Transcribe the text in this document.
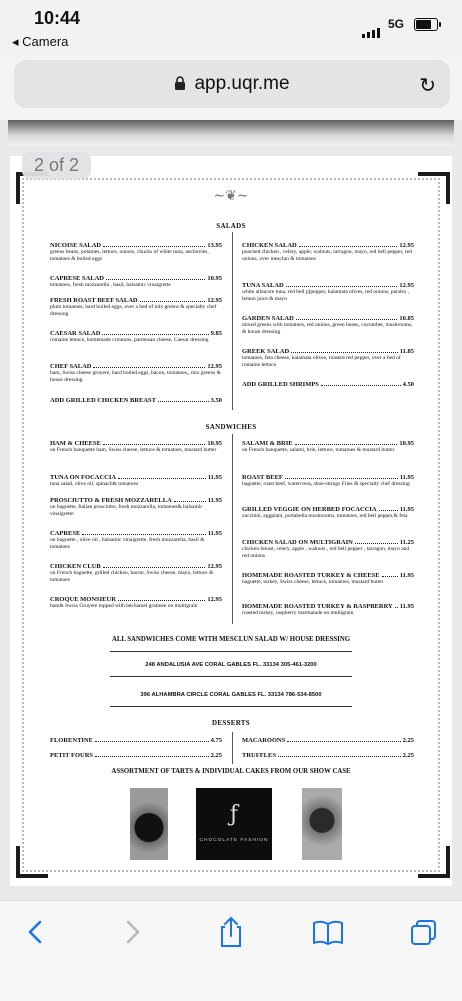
10:44
◂ Camera
5G
app.uqr.me	↻
∼❦∼
2 of 2
SALADS
NICOISE SALAD	13.95
greens beans, potatoes, lettuce, onions, chucks of white tuna, anchovies, tomatoes & boiled eggs
CAPRESE SALAD	10.95
tomatoes, fresh mozzarella , basil, balsamic vinaigrette
FRESH ROAST BEEF SALAD	12.95
plum tomatoes, hard boiled eggs, over a bed of mix greens & specialty chef dressing
CAESAR SALAD	9.85
romaine lettuce, homemade croutons, parmesan cheese, Caesar dressing
CHEF SALAD	12.95
ham, Swiss cheese gruyere, hard boiled eggs, bacon, tomatoes,, mix greens & house dressing
ADD GRILLED CHICKEN BREAST	3.50
CHICKEN SALAD	12.95
poached chicken , celery, apple, walnuts, tarragon, mayo, red bell pepper, red onions, over mesclun & tomatoes
TUNA SALAD	12.95
white albacore tuna, red bell p[pepper, kalamata olives, red onions, parsley , lemon juice & mayo
GARDEN SALAD	10.85
mixed greens with tomatoes, red onions, green beans, cucumber, mushrooms, & house dressing
GREEK SALAD	11.85
tomatoes, feta cheese, kalamata olives, roasted red pepper, over a bed of romaine lettuce
ADD GRILLED SHRIMPS	4.50
SANDWICHES
HAM & CHEESE	10.95
on French banquette ham, Swiss cheese, lettuce & tomatoes, mustard butter
TUNA ON FOCACCIA	11.95
tuna salad, olive oil, spinach& tomatoes
PROSCIUTTO & FRESH MOZZARELLA	11.95
on baguette, Italian prosciutto, fresh mozzarella, tomatoes& balsamic vinaigrette
CAPRESE	11.95
on baguette , olive oil , balsamic vinaigrette, fresh mozzarella, basil & tomatoes
CHICKEN CLUB	12.95
on French baguette, grilled chicken, bacon, Swiss cheese, mayo, lettuce & tomatoes
CROQUE MONSIEUR	12.95
ham& Swiss Gruyere topped with béchamel gratinee on multigrain
SALAMI & BRIE	10.95
on French banquette, salami, brie, lettuce, tomatoes & mustard butter
ROAST BEEF	11.95
baguette, roast beef, watercress, shoe-strings Fries & specialty chef dressing
GRILLED VEGGIE ON HERBED FOCACCIA	11.95
zucchini, eggplant, portabella mushrooms, tomatoes, red bell pepper,& feta
CHICKEN SALAD ON MULTIGRAIN	11.25
chicken breast, celery, apple , walnuts , red bell pepper , tarragon, mayo and red onions
HOMEMADE ROASTED TURKEY & CHEESE	11.95
baguette, turkey, Swiss cheese, lettuce, tomatoes, mustard butter
HOMEMADE ROASTED TURKEY & RASPBERRY 11.95
roasted turkey, raspberry marmalade on multigrain
ALL SANDWICHES COME WITH MESCLUN SALAD W/ HOUSE DRESSING
248 ANDALUSIA AVE CORAL GABLES FL. 33134 305-461-3200
396 ALHAMBRA CIRCLE CORAL GABLES FL. 33134 786-534-8500
DESSERTS
FLORENTINE	4.75
PETIT FOURS	2.25
MACAROONS	2.25
TRUFFLES	2.25
ASSORTMENT OF TARTS & INDIVIDUAL CAKES FROM OUR SHOW CASE
ƒ
CHOCOLATE FASHION
